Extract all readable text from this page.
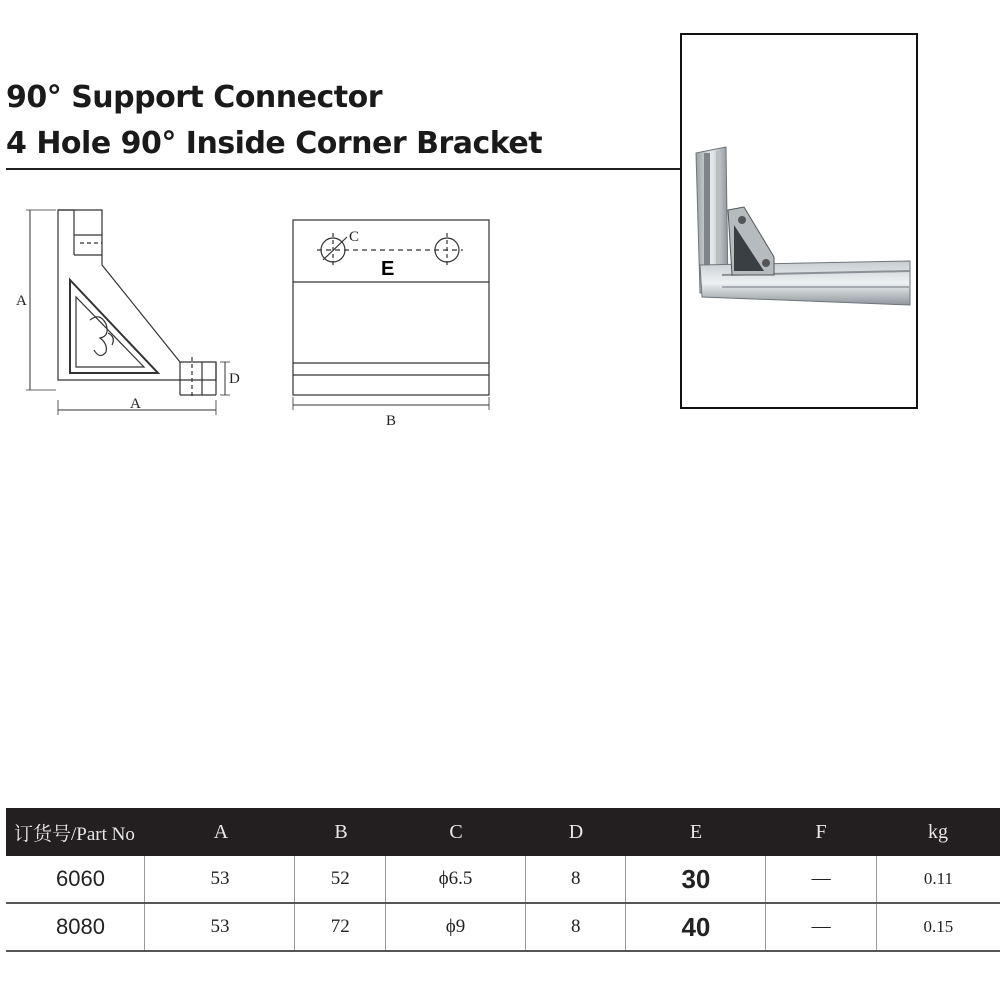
90° Support Connector
4 Hole 90° Inside Corner Bracket
A
A
D
C
E
B
订货号/Part No	A	B	C	D	E	F	kg
6060	53	52	ϕ6.5	8	30	—	0.11
8080	53	72	ϕ9	8	40	—	0.15
